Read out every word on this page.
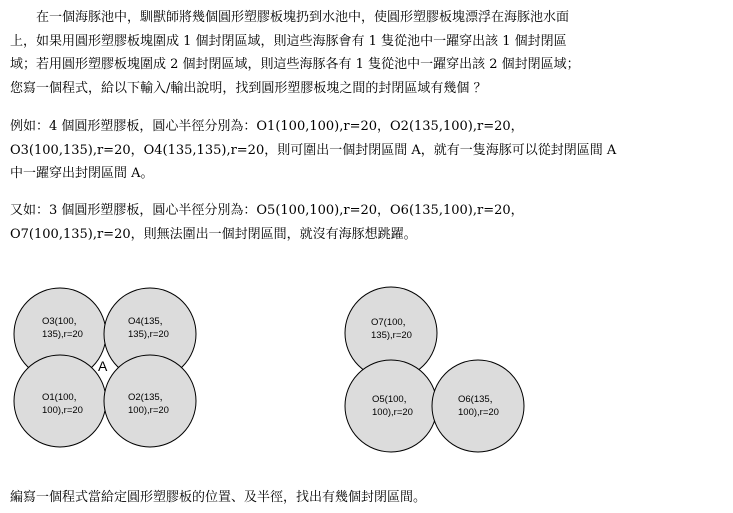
在一個海豚池中，馴獸師將幾個圓形塑膠板塊扔到水池中，使圓形塑膠板塊漂浮在海豚池水面
上，如果用圓形塑膠板塊圍成 1 個封閉區域，則這些海豚會有 1 隻從池中一躍穿出該 1 個封閉區
域；若用圓形塑膠板塊圍成 2 個封閉區域，則這些海豚各有 1 隻從池中一躍穿出該 2 個封閉區域；
您寫一個程式，給以下輸入/輸出說明，找到圓形塑膠板塊之間的封閉區域有幾個 ？
例如：4 個圓形塑膠板，圓心半徑分別為：O1(100,100),r=20，O2(135,100),r=20，
O3(100,135),r=20，O4(135,135),r=20，則可圍出一個封閉區間 A，就有一隻海豚可以從封閉區間 A
中一躍穿出封閉區間 A。
又如：3 個圓形塑膠板，圓心半徑分別為：O5(100,100),r=20，O6(135,100),r=20，
O7(100,135),r=20，則無法圍出一個封閉區間，就沒有海豚想跳躍。
O3(100，
135),r=20
O4(135，
135),r=20
O1(100，
100),r=20
O2(135，
100),r=20
A
O7(100，
135),r=20
O5(100，
100),r=20
O6(135，
100),r=20
編寫一個程式當給定圓形塑膠板的位置、及半徑，找出有幾個封閉區間。
